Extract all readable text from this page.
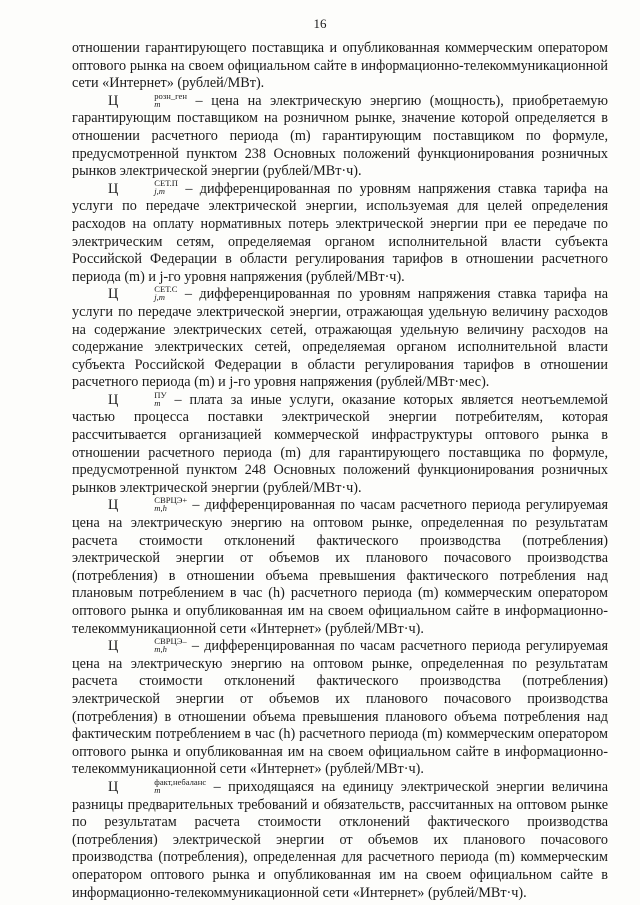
16

отношении гарантирующего поставщика и опубликованная коммерческим оператором оптового рынка на своем официальном сайте в информационно-телекоммуникационной сети «Интернет» (рублей/МВт).

Ц	розн_ген
m	– цена на электрическую энергию (мощность), приобретаемую гарантирующим поставщиком на розничном рынке, значение которой определяется в отношении расчетного периода (m) гарантирующим поставщиком по формуле, предусмотренной пунктом 238 Основных положений функционирования розничных рынков электрической энергии (рублей/МВт·ч).

Ц	СЕТ.П
j,m – дифференцированная по уровням напряжения ставка тарифа на услуги по передаче электрической энергии, используемая для целей определения расходов на оплату нормативных потерь электрической энергии при ее передаче по электрическим сетям, определяемая органом исполнительной власти субъекта Российской Федерации в области регулирования тарифов в отношении расчетного периода (m) и j-го уровня напряжения (рублей/МВт·ч).

Ц	СЕТ.С
j,m – дифференцированная по уровням напряжения ставка тарифа на услуги по передаче электрической энергии, отражающая удельную величину расходов на содержание электрических сетей, отражающая удельную величину расходов на содержание электрических сетей, определяемая органом исполнительной власти субъекта Российской Федерации в области регулирования тарифов в отношении расчетного периода (m) и j-го уровня напряжения (рублей/МВт·мес).

Ц	ПУ
m – плата за иные услуги, оказание которых является неотъемлемой частью процесса поставки электрической энергии потребителям, которая рассчитывается организацией коммерческой инфраструктуры оптового рынка в отношении расчетного периода (m) для гарантирующего поставщика по формуле, предусмотренной пунктом 248 Основных положений функционирования розничных рынков электрической энергии (рублей/МВт·ч).

Ц	СВРЦЭ+
m,h	– дифференцированная по часам расчетного периода регулируемая цена на электрическую энергию на оптовом рынке, определенная по результатам расчета стоимости отклонений фактического производства (потребления) электрической энергии от объемов их планового почасового производства (потребления) в отношении объема превышения фактического потребления над плановым потреблением в час (h) расчетного периода (m) коммерческим оператором оптового рынка и опубликованная им на своем официальном сайте в информационно-телекоммуникационной сети «Интернет» (рублей/МВт·ч).

Ц	СВРЦЭ–
m,h	– дифференцированная по часам расчетного периода регулируемая цена на электрическую энергию на оптовом рынке, определенная по результатам расчета стоимости отклонений фактического производства (потребления) электрической энергии от объемов их планового почасового производства (потребления) в отношении объема превышения планового объема потребления над фактическим потреблением в час (h) расчетного периода (m) коммерческим оператором оптового рынка и опубликованная им на своем официальном сайте в информационно-телекоммуникационной сети «Интернет» (рублей/МВт·ч).

Ц	факт,небаланс
m	– приходящаяся на единицу электрической энергии величина разницы предварительных требований и обязательств, рассчитанных на оптовом рынке по результатам расчета стоимости отклонений фактического производства (потребления) электрической энергии от объемов их планового почасового производства (потребления), определенная для расчетного периода (m) коммерческим оператором оптового рынка и опубликованная им на своем официальном сайте в информационно-телекоммуникационной сети «Интернет» (рублей/МВт·ч).
